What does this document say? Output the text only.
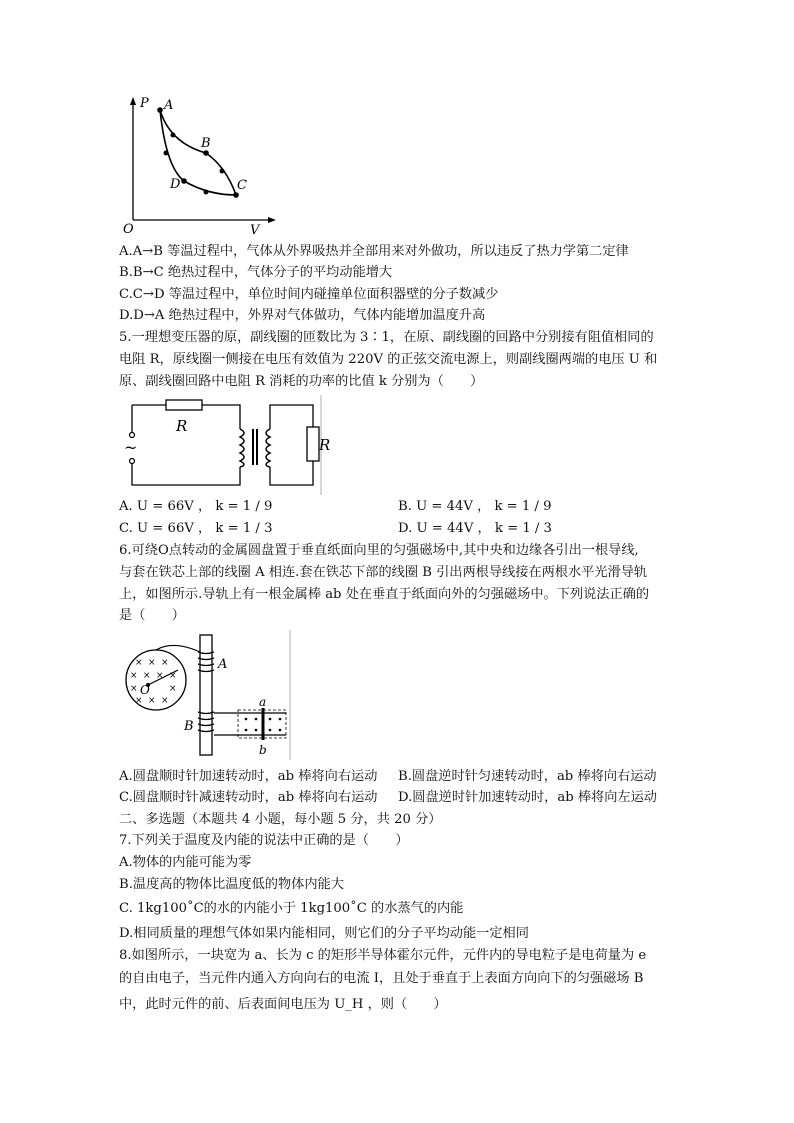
P A
B
C
D
O	V
A.A→B 等温过程中，气体从外界吸热并全部用来对外做功，所以违反了热力学第二定律
B.B→C 绝热过程中，气体分子的平均动能增大
C.C→D 等温过程中，单位时间内碰撞单位面积器壁的分子数减少
D.D→A 绝热过程中，外界对气体做功，气体内能增加温度升高
5.一理想变压器的原，副线圈的匝数比为 3∶1，在原、副线圈的回路中分别接有阻值相同的
电阻 R，原线圈一侧接在电压有效值为 220V 的正弦交流电源上，则副线圈两端的电压 U 和
原、副线圈回路中电阻 R 消耗的功率的比值 k 分别为（　　）
~
R
R
A. U = 66V ， k = 1 / 9	B. U = 44V ， k = 1 / 9
C. U = 66V ， k = 1 / 3	D. U = 44V ， k = 1 / 3
6.可绕O点转动的金属圆盘置于垂直纸面向里的匀强磁场中,其中央和边缘各引出一根导线,
与套在铁芯上部的线圈 A 相连.套在铁芯下部的线圈 B 引出两根导线接在两根水平光滑导轨
上，如图所示.导轨上有一根金属棒 ab 处在垂直于纸面向外的匀强磁场中。下列说法正确的
是（　　）
× × ×
× × × ×
×	×
× × ×
O
A
B
a
b
A.圆盘顺时针加速转动时，ab 棒将向右运动 B.圆盘逆时针匀速转动时，ab 棒将向右运动
C.圆盘顺时针减速转动时，ab 棒将向右运动 D.圆盘逆时针加速转动时，ab 棒将向左运动
二、多选题（本题共 4 小题，每小题 5 分，共 20 分）
7.下列关于温度及内能的说法中正确的是（　　）
A.物体的内能可能为零
B.温度高的物体比温度低的物体内能大
C. 1kg100˚C的水的内能小于 1kg100˚C 的水蒸气的内能
D.相同质量的理想气体如果内能相同，则它们的分子平均动能一定相同
8.如图所示，一块宽为 a、长为 c 的矩形半导体霍尔元件，元件内的导电粒子是电荷量为 e
的自由电子，当元件内通入方向向右的电流 I，且处于垂直于上表面方向向下的匀强磁场 B
中，此时元件的前、后表面间电压为 U_H ，则（　　）
